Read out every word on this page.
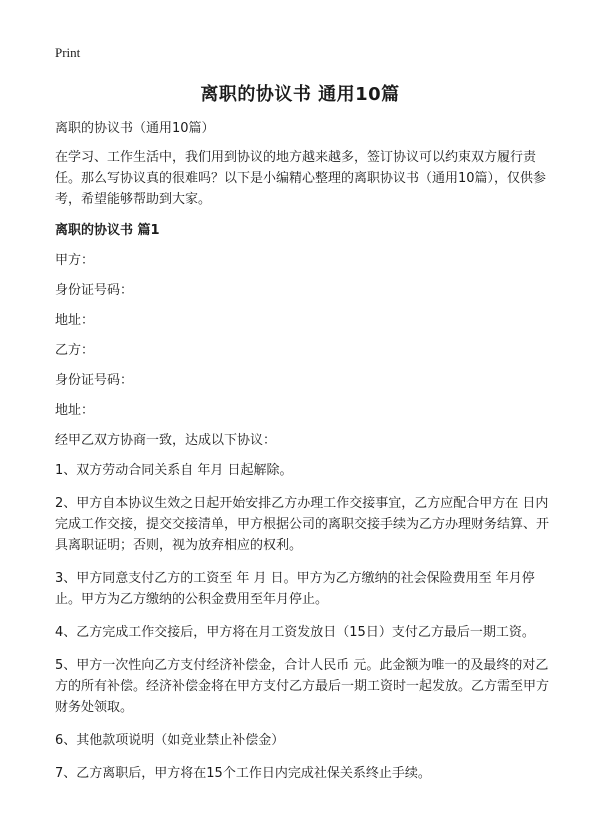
Print
离职的协议书 通用10篇

离职的协议书（通用10篇）

在学习、工作生活中，我们用到协议的地方越来越多，签订协议可以约束双方履行责任。那么写协议真的很难吗？以下是小编精心整理的离职协议书（通用10篇），仅供参考，希望能够帮助到大家。

离职的协议书 篇1

甲方：

身份证号码：

地址：

乙方：

身份证号码：

地址：

经甲乙双方协商一致，达成以下协议：

1、双方劳动合同关系自 年月 日起解除。

2、甲方自本协议生效之日起开始安排乙方办理工作交接事宜，乙方应配合甲方在 日内完成工作交接，提交交接清单，甲方根据公司的离职交接手续为乙方办理财务结算、开具离职证明；否则，视为放弃相应的权利。

3、甲方同意支付乙方的工资至 年 月 日。甲方为乙方缴纳的社会保险费用至 年月停止。甲方为乙方缴纳的公积金费用至年月停止。

4、乙方完成工作交接后，甲方将在月工资发放日（15日）支付乙方最后一期工资。

5、甲方一次性向乙方支付经济补偿金，合计人民币 元。此金额为唯一的及最终的对乙方的所有补偿。经济补偿金将在甲方支付乙方最后一期工资时一起发放。乙方需至甲方财务处领取。

6、其他款项说明（如竞业禁止补偿金）

7、乙方离职后，甲方将在15个工作日内完成社保关系终止手续。
